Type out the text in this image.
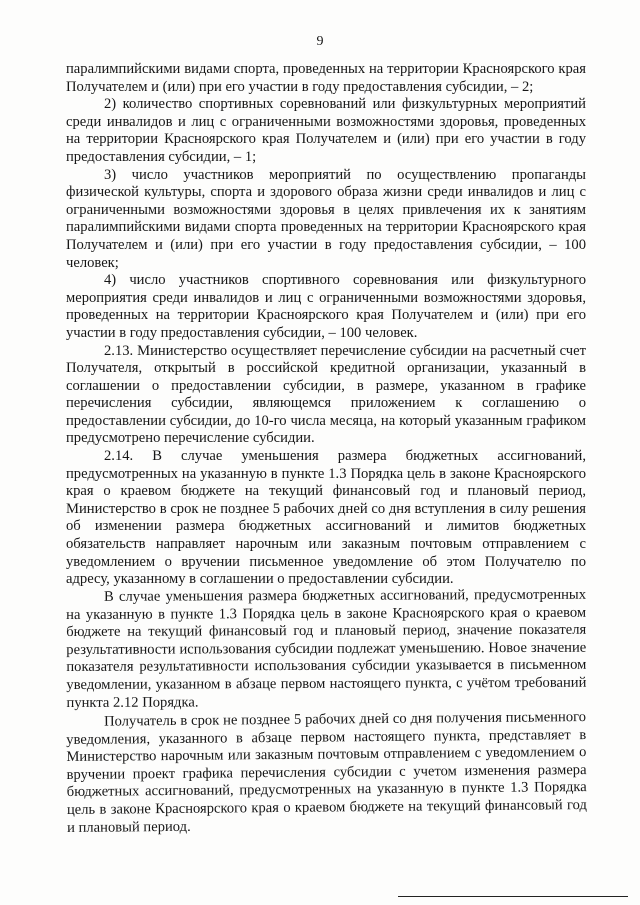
9

паралимпийскими видами спорта, проведенных на территории Красноярского края Получателем и (или) при его участии в году предоставления субсидии, – 2;

2) количество спортивных соревнований или физкультурных мероприятий среди инвалидов и лиц с ограниченными возможностями здоровья, проведенных на территории Красноярского края Получателем и (или) при его участии в году предоставления субсидии, – 1;

3) число участников мероприятий по осуществлению пропаганды физической культуры, спорта и здорового образа жизни среди инвалидов и лиц с ограниченными возможностями здоровья в целях привлечения их к занятиям паралимпийскими видами спорта проведенных на территории Красноярского края Получателем и (или) при его участии в году предоставления субсидии, – 100 человек;

4) число участников спортивного соревнования или физкультурного мероприятия среди инвалидов и лиц с ограниченными возможностями здоровья, проведенных на территории Красноярского края Получателем и (или) при его участии в году предоставления субсидии, – 100 человек.

2.13. Министерство осуществляет перечисление субсидии на расчетный счет Получателя, открытый в российской кредитной организации, указанный в соглашении о предоставлении субсидии, в размере, указанном в графике перечисления субсидии, являющемся приложением к соглашению о предоставлении субсидии, до 10-го числа месяца, на который указанным графиком предусмотрено перечисление субсидии.

2.14. В случае уменьшения размера бюджетных ассигнований, предусмотренных на указанную в пункте 1.3 Порядка цель в законе Красноярского края о краевом бюджете на текущий финансовый год и плановый период, Министерство в срок не позднее 5 рабочих дней со дня вступления в силу решения об изменении размера бюджетных ассигнований и лимитов бюджетных обязательств направляет нарочным или заказным почтовым отправлением с уведомлением о вручении письменное уведомление об этом Получателю по адресу, указанному в соглашении о предоставлении субсидии.

В случае уменьшения размера бюджетных ассигнований, предусмотренных на указанную в пункте 1.3 Порядка цель в законе Красноярского края о краевом бюджете на текущий финансовый год и плановый период, значение показателя результативности использования субсидии подлежат уменьшению. Новое значение показателя результативности использования субсидии указывается в письменном уведомлении, указанном в абзаце первом настоящего пункта, с учётом требований пункта 2.12 Порядка.

Получатель в срок не позднее 5 рабочих дней со дня получения письменного уведомления, указанного в абзаце первом настоящего пункта, представляет в Министерство нарочным или заказным почтовым отправлением с уведомлением о вручении проект графика перечисления субсидии с учетом изменения размера бюджетных ассигнований, предусмотренных на указанную в пункте 1.3 Порядка цель в законе Красноярского края о краевом бюджете на текущий финансовый год и плановый период.
